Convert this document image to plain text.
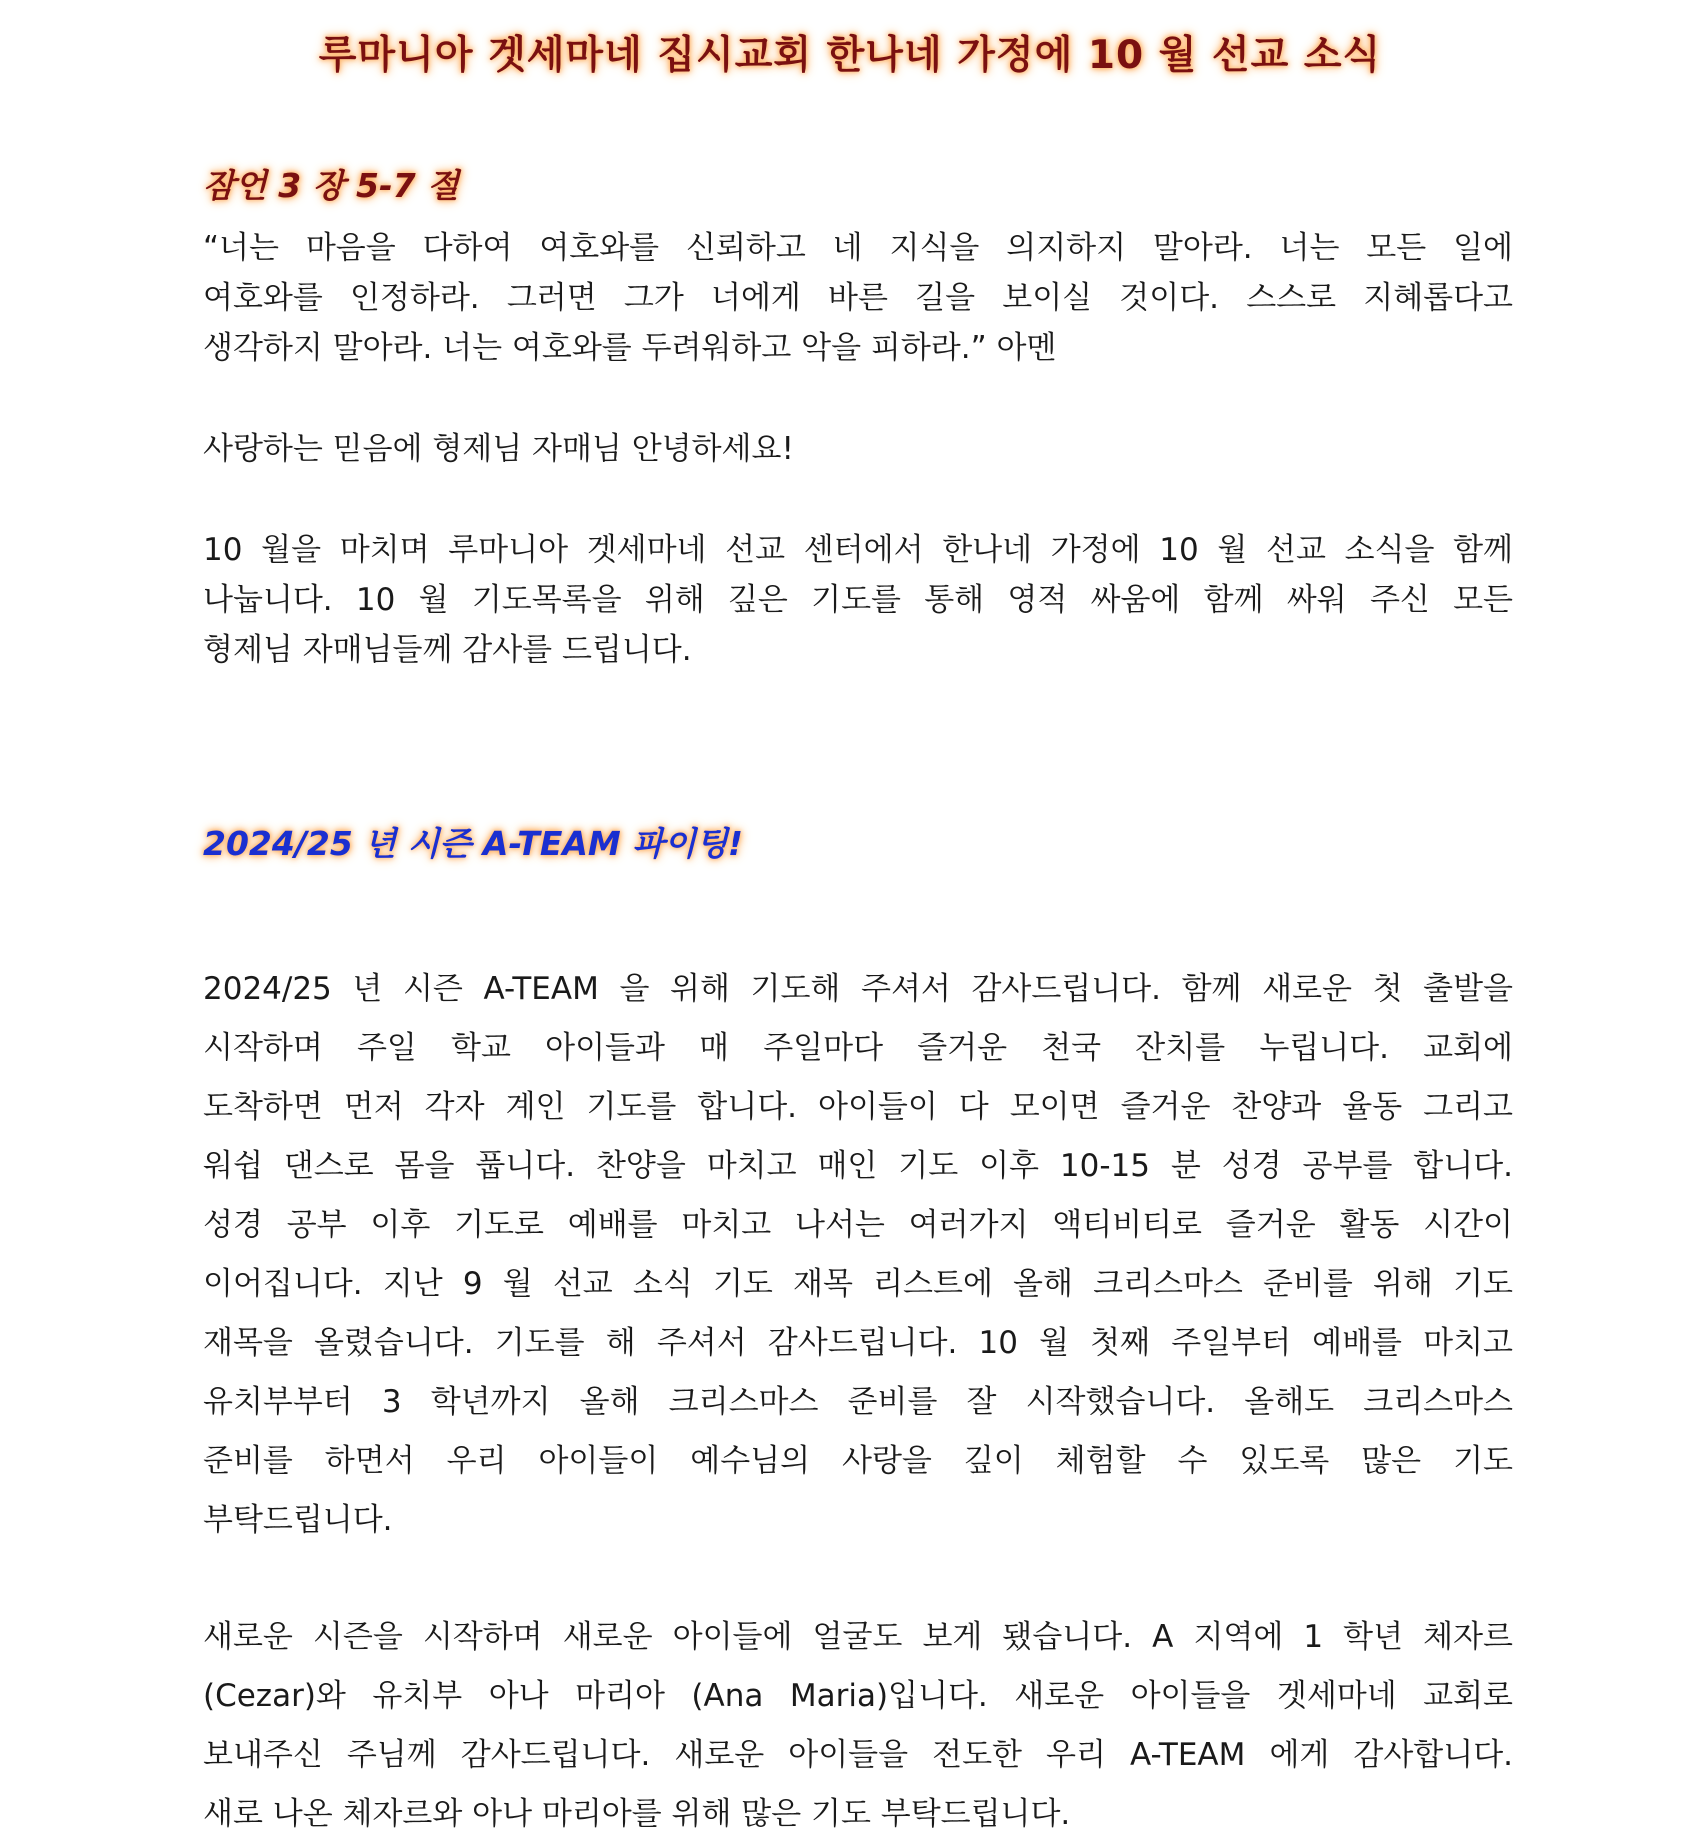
루마니아 겟세마네 집시교회 한나네 가정에 10 월 선교 소식
잠언 3 장 5-7 절
“너는 마음을 다하여 여호와를 신뢰하고 네 지식을 의지하지 말아라. 너는 모든 일에
여호와를 인정하라. 그러면 그가 너에게 바른 길을 보이실 것이다. 스스로 지혜롭다고
생각하지 말아라. 너는 여호와를 두려워하고 악을 피하라.” 아멘
사랑하는 믿음에 형제님 자매님 안녕하세요!
10 월을 마치며 루마니아 겟세마네 선교 센터에서 한나네 가정에 10 월 선교 소식을 함께
나눕니다. 10 월 기도목록을 위해 깊은 기도를 통해 영적 싸움에 함께 싸워 주신 모든
형제님 자매님들께 감사를 드립니다.
2024/25 년 시즌 A-TEAM 파이팅!
2024/25 년 시즌 A-TEAM 을 위해 기도해 주셔서 감사드립니다. 함께 새로운 첫 출발을
시작하며 주일 학교 아이들과 매 주일마다 즐거운 천국 잔치를 누립니다. 교회에
도착하면 먼저 각자 계인 기도를 합니다. 아이들이 다 모이면 즐거운 찬양과 율동 그리고
워쉽 댄스로 몸을 풉니다. 찬양을 마치고 매인 기도 이후 10-15 분 성경 공부를 합니다.
성경 공부 이후 기도로 예배를 마치고 나서는 여러가지 액티비티로 즐거운 활동 시간이
이어집니다. 지난 9 월 선교 소식 기도 재목 리스트에 올해 크리스마스 준비를 위해 기도
재목을 올렸습니다. 기도를 해 주셔서 감사드립니다. 10 월 첫째 주일부터 예배를 마치고
유치부부터 3 학년까지 올해 크리스마스 준비를 잘 시작했습니다. 올해도 크리스마스
준비를 하면서 우리 아이들이 예수님의 사랑을 깊이 체험할 수 있도록 많은 기도
부탁드립니다.
새로운 시즌을 시작하며 새로운 아이들에 얼굴도 보게 됐습니다. A 지역에 1 학년 체자르
(Cezar)와 유치부 아나 마리아 (Ana Maria)입니다. 새로운 아이들을 겟세마네 교회로
보내주신 주님께 감사드립니다. 새로운 아이들을 전도한 우리 A-TEAM 에게 감사합니다.
새로 나온 체자르와 아나 마리아를 위해 많은 기도 부탁드립니다.
